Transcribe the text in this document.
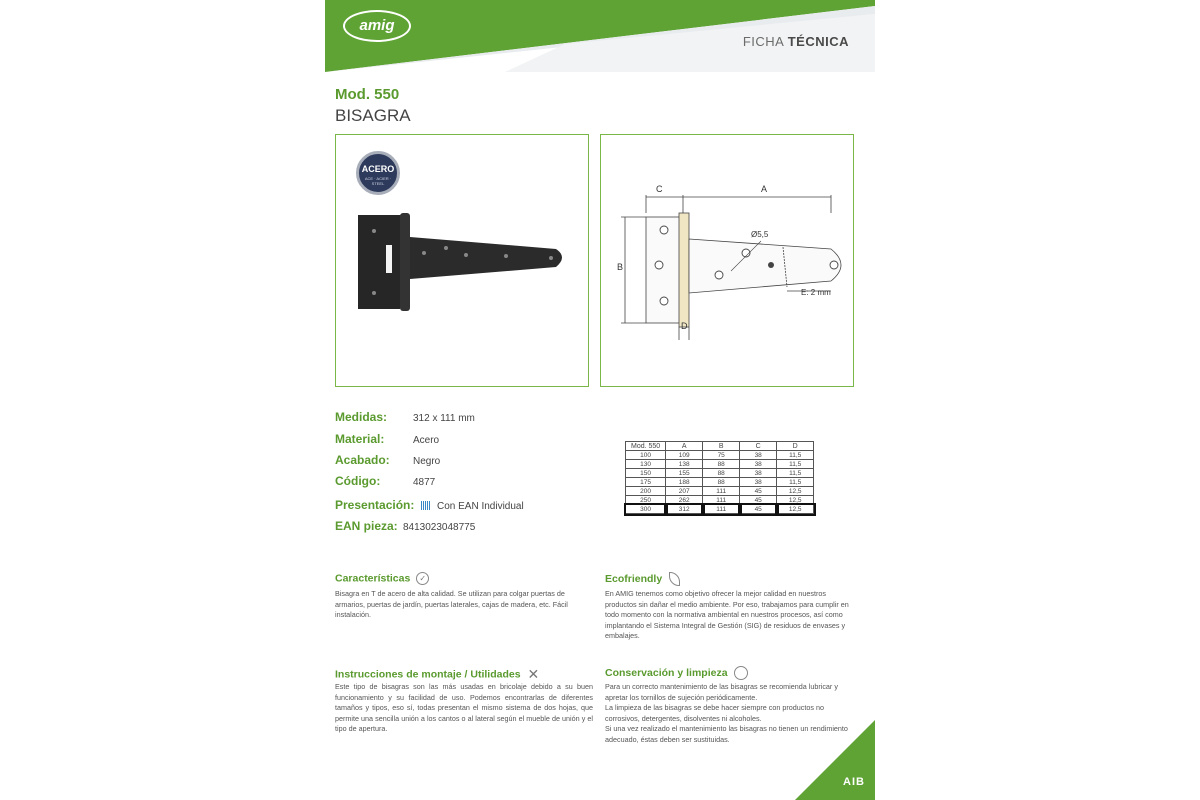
amig
FICHA TÉCNICA
Mod. 550
BISAGRA
ACERO
ACE · ACIER · STEEL
C	A
B
D
Ø5,5
E: 2 mm
Medidas:	312 x 111 mm
Material:	Acero
Acabado: Negro
Código:	4877
Presentación: Con EAN Individual
EAN pieza: 8413023048775
Mod. 550	A	B	C	D
100	109	75	38	11,5
130	138	88	38	11,5
150	155	88	38	11,5
175	188	88	38	11,5
200	207	111	45	12,5
250	262	111	45	12,5
300	312	111	45	12,5
Características ✓
Bisagra en T de acero de alta calidad. Se utilizan para colgar puertas de armarios, puertas de jardín, puertas laterales, cajas de madera, etc. Fácil instalación.
Ecofriendly
En AMIG tenemos como objetivo ofrecer la mejor calidad en nuestros productos sin dañar el medio ambiente. Por eso, trabajamos para cumplir en todo momento con la normativa ambiental en nuestros procesos, así como implantando el Sistema Integral de Gestión (SIG) de residuos de envases y embalajes.
Instrucciones de montaje / Utilidades ✕
Este tipo de bisagras son las más usadas en bricolaje debido a su buen funcionamiento y su facilidad de uso. Podemos encontrarlas de diferentes tamaños y tipos, eso sí, todas presentan el mismo sistema de dos hojas, que permite una sencilla unión a los cantos o al lateral según el mueble de unión y el tipo de apertura.
Conservación y limpieza
Para un correcto mantenimiento de las bisagras se recomienda lubricar y apretar los tornillos de sujeción periódicamente.
La limpieza de las bisagras se debe hacer siempre con productos no corrosivos, detergentes, disolventes ni alcoholes.
Si una vez realizado el mantenimiento las bisagras no tienen un rendimiento adecuado, éstas deben ser sustituidas.
AIB
